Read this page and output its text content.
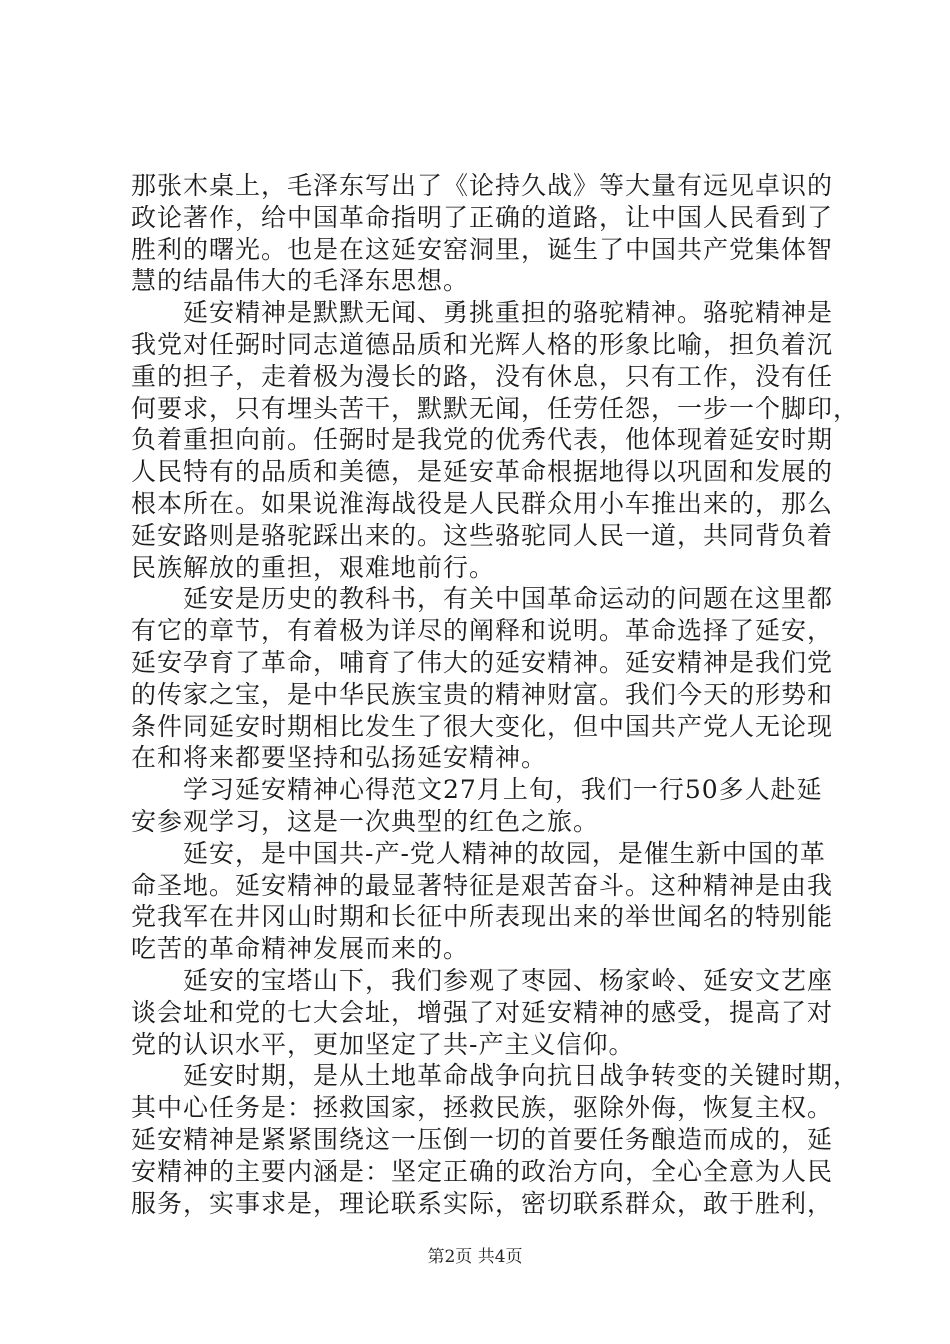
那张木桌上，毛泽东写出了《论持久战》等大量有远见卓识的
政论著作，给中国革命指明了正确的道路，让中国人民看到了
胜利的曙光。也是在这延安窑洞里，诞生了中国共产党集体智
慧的结晶伟大的毛泽东思想。
延安精神是默默无闻、勇挑重担的骆驼精神。骆驼精神是
我党对任弼时同志道德品质和光辉人格的形象比喻，担负着沉
重的担子，走着极为漫长的路，没有休息，只有工作，没有任
何要求，只有埋头苦干，默默无闻，任劳任怨，一步一个脚印，
负着重担向前。任弼时是我党的优秀代表，他体现着延安时期
人民特有的品质和美德，是延安革命根据地得以巩固和发展的
根本所在。如果说淮海战役是人民群众用小车推出来的，那么
延安路则是骆驼踩出来的。这些骆驼同人民一道，共同背负着
民族解放的重担，艰难地前行。
延安是历史的教科书，有关中国革命运动的问题在这里都
有它的章节，有着极为详尽的阐释和说明。革命选择了延安，
延安孕育了革命，哺育了伟大的延安精神。延安精神是我们党
的传家之宝，是中华民族宝贵的精神财富。我们今天的形势和
条件同延安时期相比发生了很大变化，但中国共产党人无论现
在和将来都要坚持和弘扬延安精神。
学习延安精神心得范文27月上旬，我们一行50多人赴延
安参观学习，这是一次典型的红色之旅。
延安，是中国共-产-党人精神的故园，是催生新中国的革
命圣地。延安精神的最显著特征是艰苦奋斗。这种精神是由我
党我军在井冈山时期和长征中所表现出来的举世闻名的特别能
吃苦的革命精神发展而来的。
延安的宝塔山下，我们参观了枣园、杨家岭、延安文艺座
谈会址和党的七大会址，增强了对延安精神的感受，提高了对
党的认识水平，更加坚定了共-产主义信仰。
延安时期，是从土地革命战争向抗日战争转变的关键时期，
其中心任务是：拯救国家，拯救民族，驱除外侮，恢复主权。
延安精神是紧紧围绕这一压倒一切的首要任务酿造而成的，延
安精神的主要内涵是：坚定正确的政治方向，全心全意为人民
服务，实事求是，理论联系实际，密切联系群众，敢于胜利，
第2页 共4页
